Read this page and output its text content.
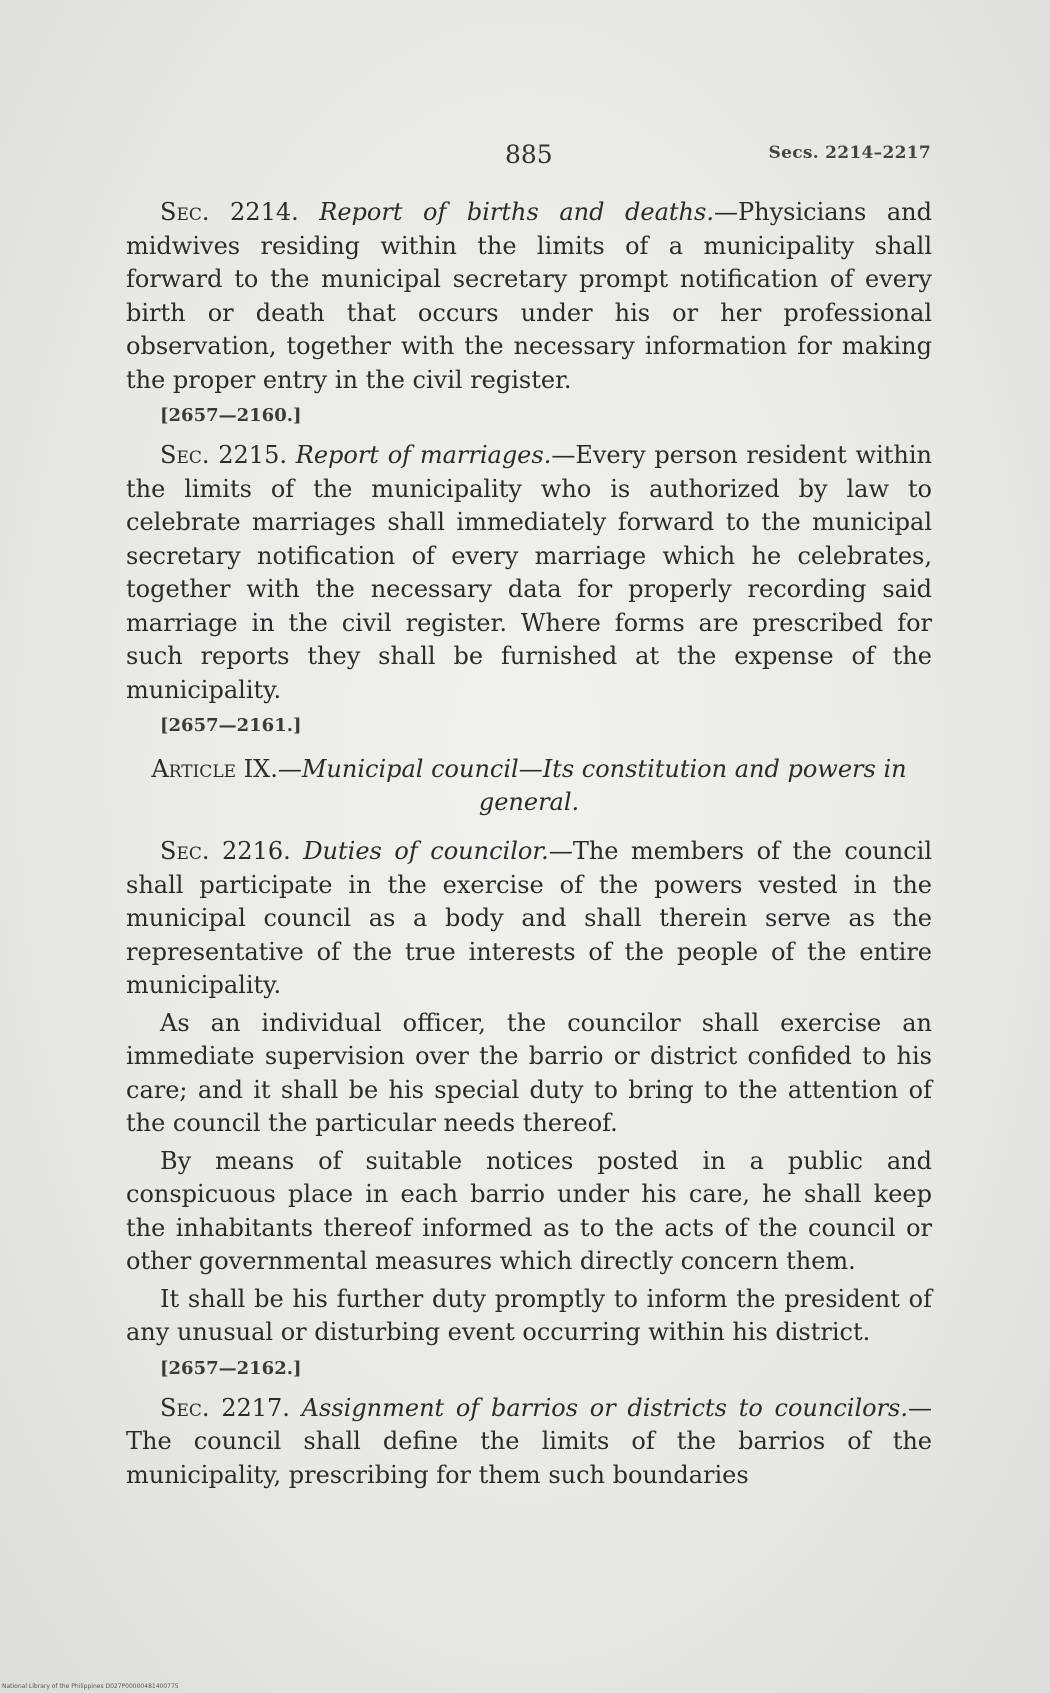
885	Secs. 2214–2217

Sec. 2214. Report of births and deaths.—Physicians and midwives residing within the limits of a municipality shall forward to the municipal secretary prompt notification of every birth or death that occurs under his or her professional observation, together with the necessary information for making the proper entry in the civil register.

[2657—2160.]

Sec. 2215. Report of marriages.—Every person resident within the limits of the municipality who is authorized by law to celebrate marriages shall immediately forward to the municipal secretary notification of every marriage which he celebrates, together with the necessary data for properly recording said marriage in the civil register. Where forms are prescribed for such reports they shall be furnished at the expense of the municipality.

[2657—2161.]
Article IX.—Municipal council—Its constitution and powers in general.

Sec. 2216. Duties of councilor.—The members of the council shall participate in the exercise of the powers vested in the municipal council as a body and shall therein serve as the representative of the true interests of the people of the entire municipality.

As an individual officer, the councilor shall exercise an immediate supervision over the barrio or district confided to his care; and it shall be his special duty to bring to the attention of the council the particular needs thereof.

By means of suitable notices posted in a public and conspicuous place in each barrio under his care, he shall keep the inhabitants thereof informed as to the acts of the council or other governmental measures which directly concern them.

It shall be his further duty promptly to inform the president of any unusual or disturbing event occurring within his district.

[2657—2162.]

Sec. 2217. Assignment of barrios or districts to councilors.—The council shall define the limits of the barrios of the municipality, prescribing for them such boundaries

National Library of the Philippines D027P00000481400775
